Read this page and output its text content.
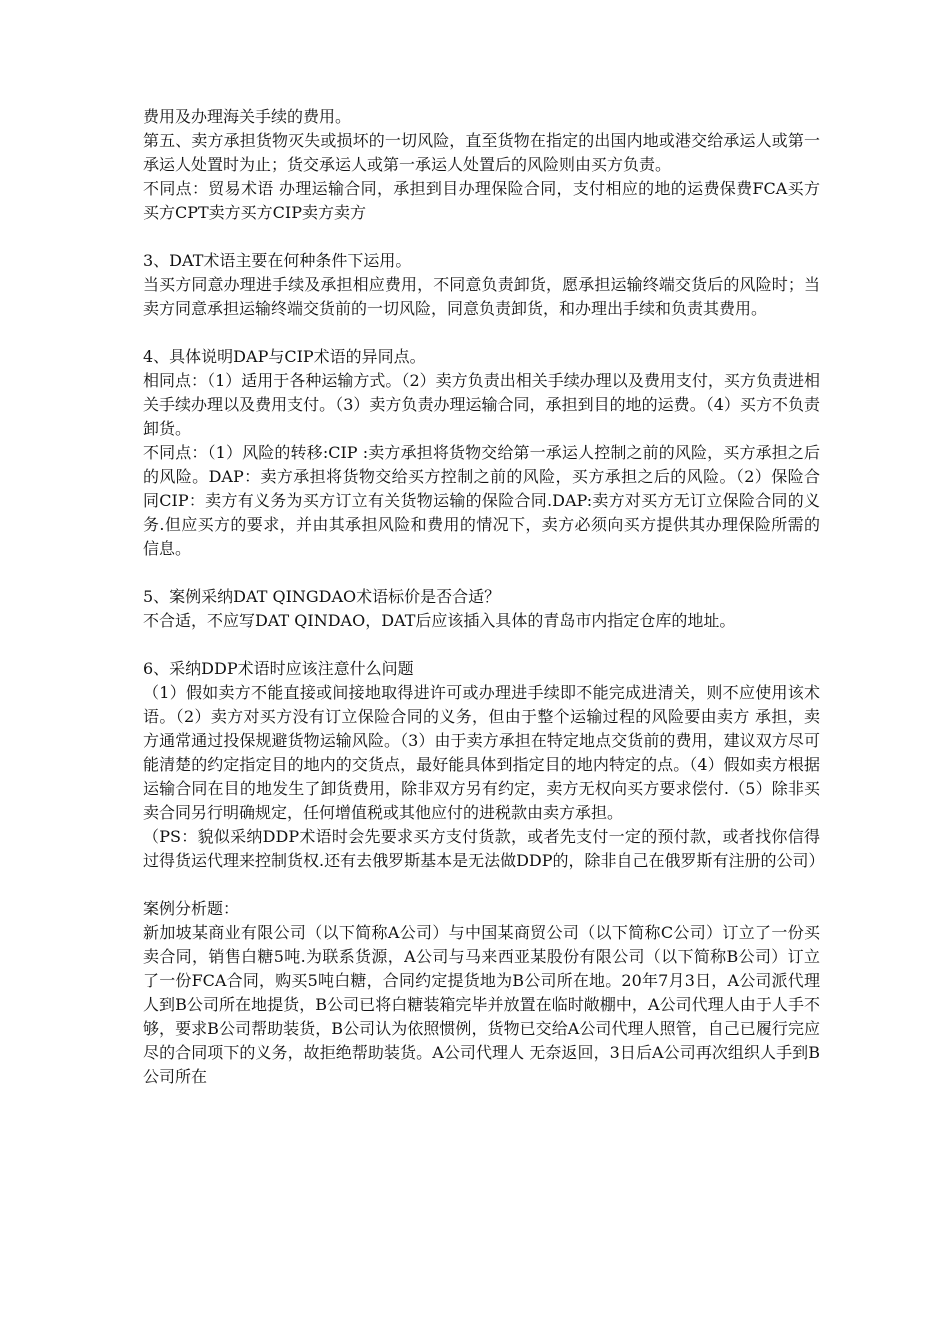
费用及办理海关手续的费用。
第五、卖方承担货物灭失或损坏的一切风险，直至货物在指定的出国内地或港交给承运人或第一承运人处置时为止；货交承运人或第一承运人处置后的风险则由买方负责。
不同点：贸易术语 办理运输合同，承担到目办理保险合同，支付相应的地的运费保费FCA买方买方CPT卖方买方CIP卖方卖方
3、DAT术语主要在何种条件下运用。
当买方同意办理进手续及承担相应费用，不同意负责卸货，愿承担运输终端交货后的风险时；当卖方同意承担运输终端交货前的一切风险，同意负责卸货，和办理出手续和负责其费用。
4、具体说明DAP与CIP术语的异同点。
相同点：（1）适用于各种运输方式。（2）卖方负责出相关手续办理以及费用支付，买方负责进相关手续办理以及费用支付。（3）卖方负责办理运输合同，承担到目的地的运费。（4）买方不负责卸货。
不同点：（1）风险的转移:CIP :卖方承担将货物交给第一承运人控制之前的风险，买方承担之后的风险。DAP：卖方承担将货物交给买方控制之前的风险，买方承担之后的风险。（2）保险合同CIP：卖方有义务为买方订立有关货物运输的保险合同.DAP:卖方对买方无订立保险合同的义务.但应买方的要求，并由其承担风险和费用的情况下，卖方必须向买方提供其办理保险所需的信息。
5、案例采纳DAT QINGDAO术语标价是否合适？
不合适，不应写DAT QINDAO，DAT后应该插入具体的青岛市内指定仓库的地址。
6、采纳DDP术语时应该注意什么问题
（1）假如卖方不能直接或间接地取得进许可或办理进手续即不能完成进清关，则不应使用该术语。（2）卖方对买方没有订立保险合同的义务，但由于整个运输过程的风险要由卖方 承担，卖方通常通过投保规避货物运输风险。（3）由于卖方承担在特定地点交货前的费用，建议双方尽可能清楚的约定指定目的地内的交货点，最好能具体到指定目的地内特定的点。（4）假如卖方根据运输合同在目的地发生了卸货费用，除非双方另有约定，卖方无权向买方要求偿付.（5）除非买卖合同另行明确规定，任何增值税或其他应付的进税款由卖方承担。
（PS：貌似采纳DDP术语时会先要求买方支付货款，或者先支付一定的预付款，或者找你信得过得货运代理来控制货权.还有去俄罗斯基本是无法做DDP的，除非自己在俄罗斯有注册的公司）
案例分析题：
新加坡某商业有限公司（以下简称A公司）与中国某商贸公司（以下简称C公司）订立了一份买卖合同，销售白糖5吨.为联系货源，A公司与马来西亚某股份有限公司（以下简称B公司）订立了一份FCA合同，购买5吨白糖，合同约定提货地为B公司所在地。20年7月3日，A公司派代理人到B公司所在地提货，B公司已将白糖装箱完毕并放置在临时敞棚中，A公司代理人由于人手不够，要求B公司帮助装货，B公司认为依照惯例，货物已交给A公司代理人照管，自己已履行完应尽的合同项下的义务，故拒绝帮助装货。A公司代理人 无奈返回，3日后A公司再次组织人手到B公司所在
